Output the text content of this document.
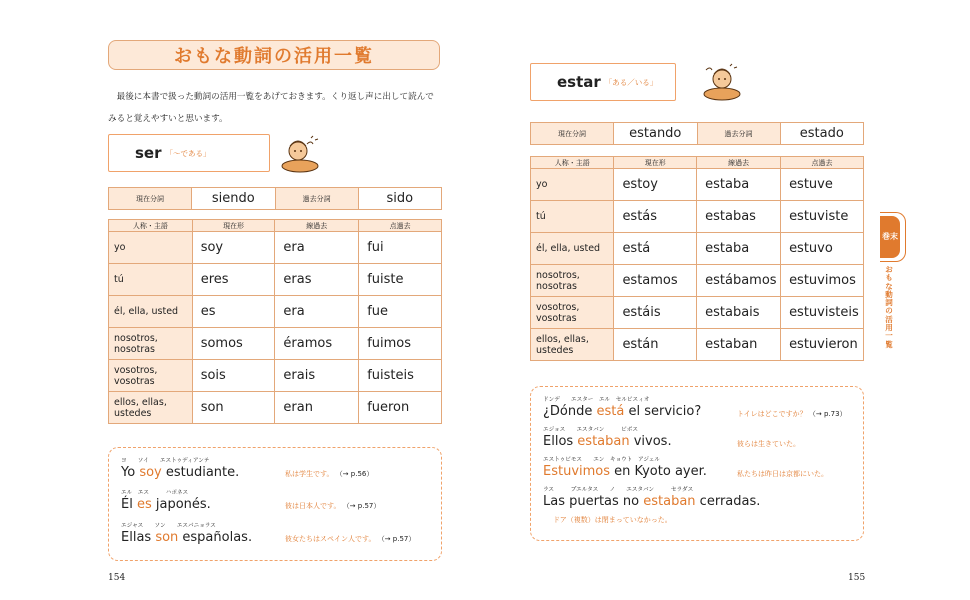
おもな動詞の活用一覧
　最後に本書で扱った動詞の活用一覧をあげておきます。くり返し声に出して読んでみると覚えやすいと思います。
ser 「～である」
現在分詞	siendo	過去分詞	sido
人称・主語	現在形	線過去	点過去
yo	soy	era	fui
tú	eres	eras	fuiste
él, ella, usted	es	era	fue
nosotros, nosotras	somos	éramos	fuimos
vosotros, vosotras	sois	erais	fuisteis
ellos, ellas, ustedes	son	eran	fueron
ヨ　　ソイ　　エストゥディアンテ
Yo soy estudiante.	私は学生です。 （→ p.56）
エル　エス　　　ハポネス
Él es japonés.	彼は日本人です。 （→ p.57）
エジャス　　ソン　　エスパニョラス
Ellas son españolas.	彼女たちはスペイン人です。 （→ p.57）
154
estar 「ある／いる」
現在分詞	estando	過去分詞	estado
人称・主語	現在形	線過去	点過去
yo	estoy	estaba	estuve
tú	estás	estabas	estuviste
él, ella, usted	está	estaba	estuvo
nosotros, nosotras	estamos	estábamos	estuvimos
vosotros, vosotras	estáis	estabais	estuvisteis
ellos, ellas, ustedes	están	estaban	estuvieron
ドンデ　　エスター　エル　セルビスィオ
¿Dónde está el servicio?	トイレはどこですか？ （→ p.73）
エジョス　　エスタバン　　　ビボス
Ellos estaban vivos.	彼らは生きていた。
エストゥビモス　　エン　キョウト　アジェル
Estuvimos en Kyoto ayer.	私たちは昨日は京都にいた。
ラス　　　プエルタス　　ノ　　エスタバン　　　セラダス
Las puertas no estaban cerradas.
ドア（複数）は閉まっていなかった。
155
巻末
おもな動詞の活用一覧
